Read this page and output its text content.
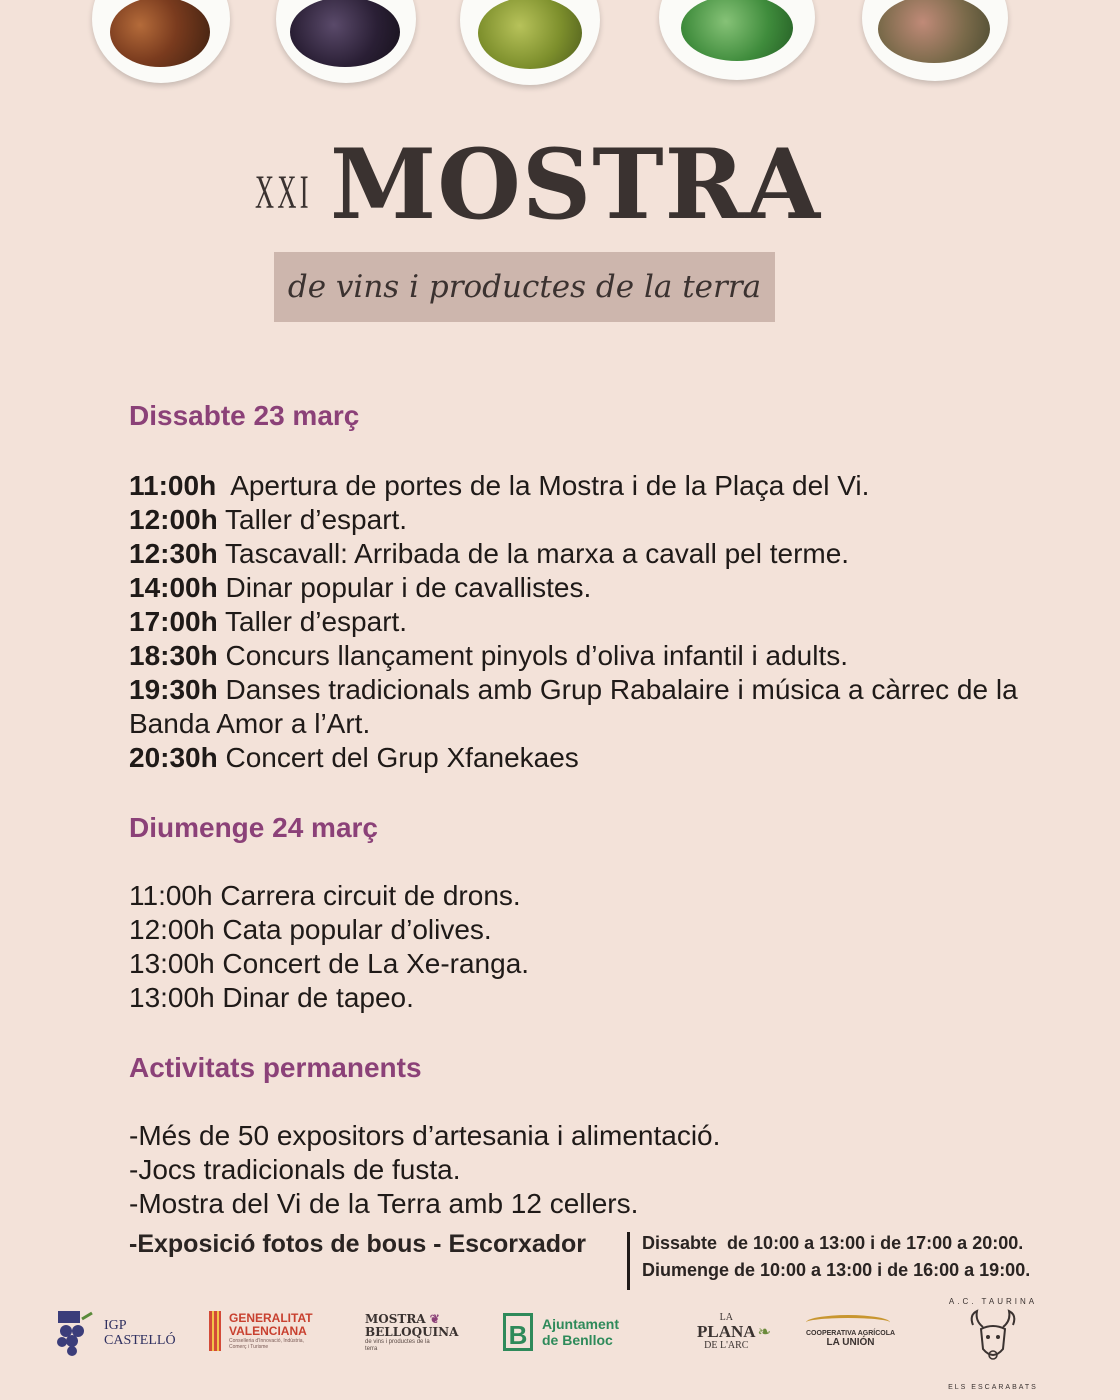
XXI MOSTRA
de vins i productes de la terra
Dissabte 23 març
11:00h Apertura de portes de la Mostra i de la Plaça del Vi.
12:00h Taller d’espart.
12:30h Tascavall: Arribada de la marxa a cavall pel terme.
14:00h Dinar popular i de cavallistes.
17:00h Taller d’espart.
18:30h Concurs llançament pinyols d’oliva infantil i adults.
19:30h Danses tradicionals amb Grup Rabalaire i música a càrrec de la Banda Amor a l’Art.
20:30h Concert del Grup Xfanekaes
Diumenge 24 març
11:00h Carrera circuit de drons.
12:00h Cata popular d’olives.
13:00h Concert de La Xe-ranga.
13:00h Dinar de tapeo.
Activitats permanents
-Més de 50 expositors d’artesania i alimentació.
-Jocs tradicionals de fusta.
-Mostra del Vi de la Terra amb 12 cellers.
-Exposició fotos de bous - Escorxador	Dissabte  de 10:00 a 13:00 i de 17:00 a 20:00.
Diumenge de 10:00 a 13:00 i de 16:00 a 19:00.
IGP
CASTELLÓ
GENERALITAT
VALENCIANA
Conselleria d'Innovació, Indústria, Comerç i Turisme
MOSTRA ❦
BELLOQUINA
de vins i productes de la terra	B	Ajuntament
de Benlloc
LA
PLANA
DE L'ARC
❧	COOPERATIVA AGRÍCOLA
LA UNIÓN
A.C. TAURINA
ELS ESCARABATS
